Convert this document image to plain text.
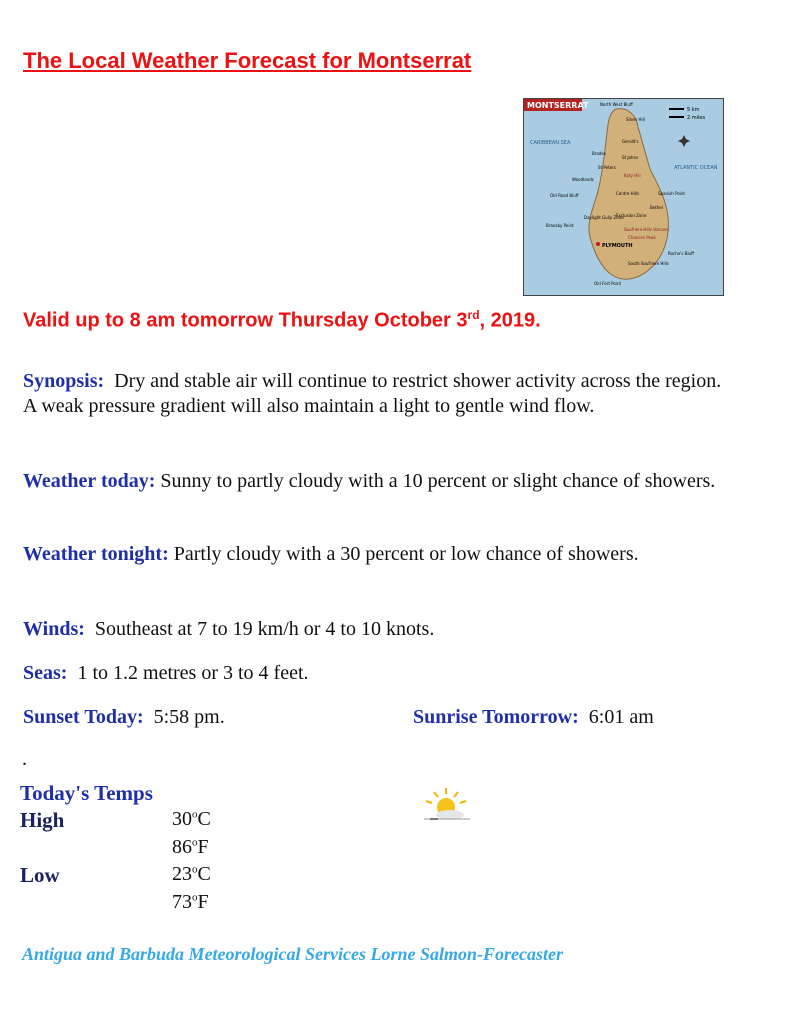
The Local Weather Forecast for Montserrat
MONTSERRAT	5 km
2 miles
CARIBBEAN SEA
ATLANTIC OCEAN
PLYMOUTH
North West Bluff
Silver Hill
Gerald's
Brades
St Johns
St Peters
Woodlands
Katy Hill
Spanish Point
Centre Hills
Old Road Bluff
Bethel
Daylight Gully Zone
Exclusion Zone
Soufriere Hills Volcano
Chances Peak
Bransby Point
Roche's Bluff
South Soufriere Hills
Old Fort Point
Valid up to 8 am tomorrow Thursday October 3rd, 2019.
Synopsis: Dry and stable air will continue to restrict shower activity across the region. A weak pressure gradient will also maintain a light to gentle wind flow.
Weather today: Sunny to partly cloudy with a 10 percent or slight chance of showers.
Weather tonight: Partly cloudy with a 30 percent or low chance of showers.
Winds: Southeast at 7 to 19 km/h or 4 to 10 knots.
Seas: 1 to 1.2 metres or 3 to 4 feet.
Sunset Today: 5:58 pm.	Sunrise Tomorrow: 6:01 am
.
Today's Temps
High	30$^o$C
86$^o$F
Low	23$^o$C
73$^o$F
Antigua and Barbuda Meteorological Services Lorne Salmon-Forecaster
